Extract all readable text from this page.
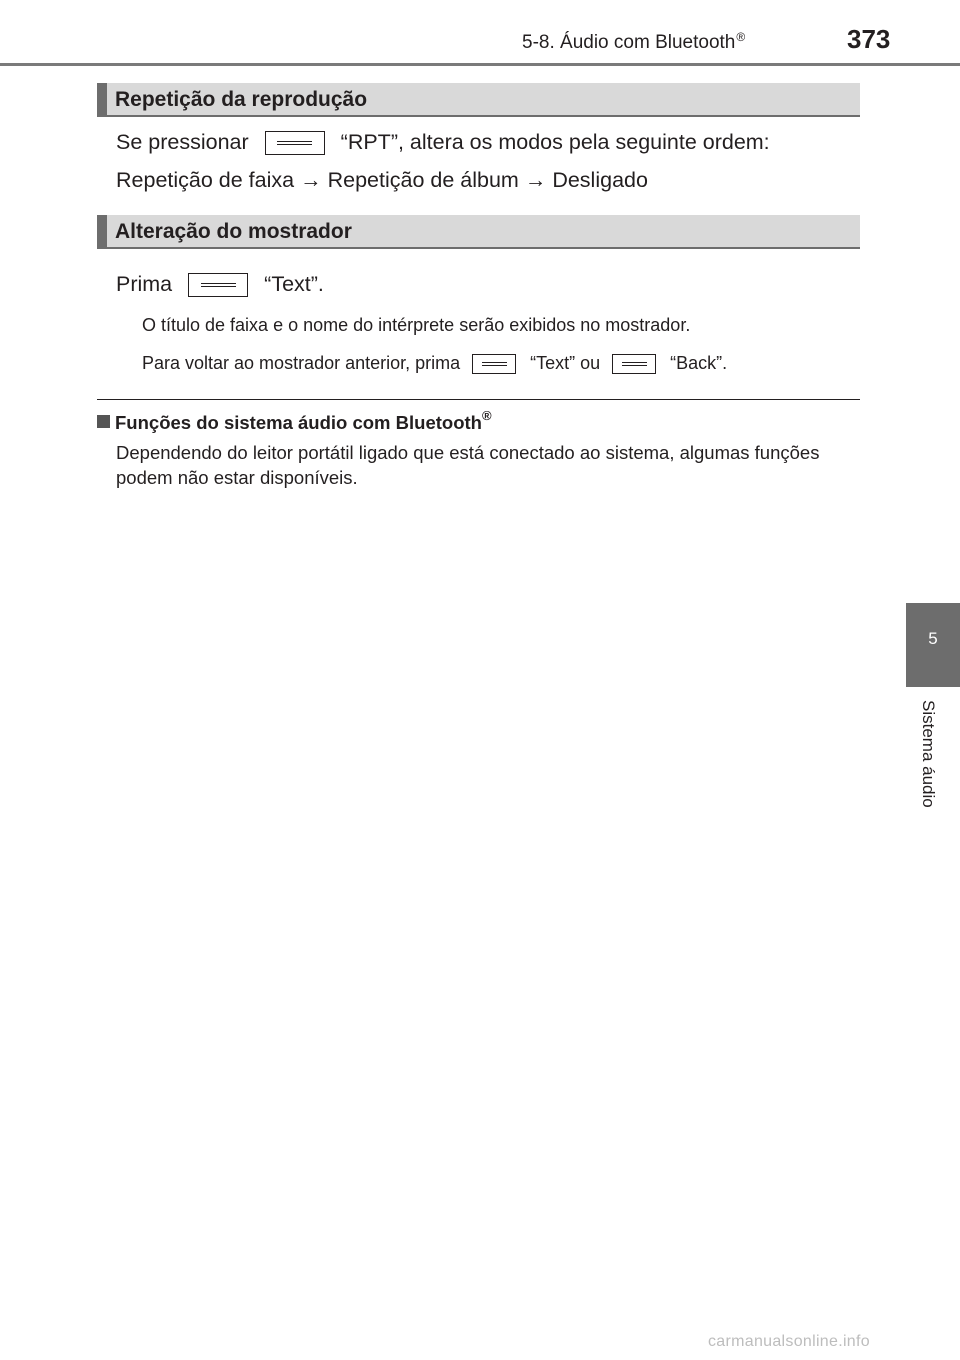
5-8. Áudio com Bluetooth®	373
Repetição da reprodução
Se pressionar	“RPT”, altera os modos pela seguinte ordem:
Repetição de faixa → Repetição de álbum → Desligado
Alteração do mostrador
Prima	“Text”.
O título de faixa e o nome do intérprete serão exibidos no mostrador.
Para voltar ao mostrador anterior, prima	“Text” ou	“Back”.
Funções do sistema áudio com Bluetooth®
Dependendo do leitor portátil ligado que está conectado ao sistema, algumas funções podem não estar disponíveis.
5
Sistema áudio
carmanualsonline.info
